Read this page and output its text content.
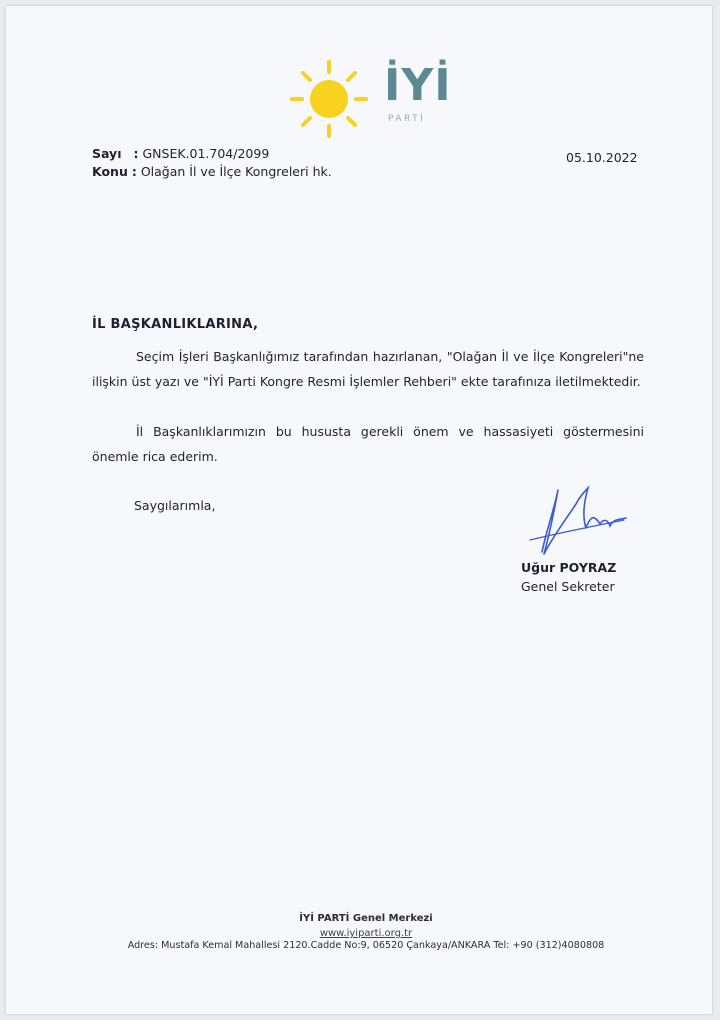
İYİ
PARTİ
Sayı : GNSEK.01.704/2099
Konu : Olağan İl ve İlçe Kongreleri hk.
05.10.2022
İL BAŞKANLIKLARINA,
Seçim İşleri Başkanlığımız tarafından hazırlanan, "Olağan İl ve İlçe Kongreleri"ne ilişkin üst yazı ve "İYİ Parti Kongre Resmi İşlemler Rehberi" ekte tarafınıza iletilmektedir.
İl Başkanlıklarımızın bu hususta gerekli önem ve hassasiyeti göstermesini önemle rica ederim.
Saygılarımla,
Uğur POYRAZ
Genel Sekreter
İYİ PARTİ Genel Merkezi
www.iyiparti.org.tr
Adres: Mustafa Kemal Mahallesi 2120.Cadde No:9, 06520 Çankaya/ANKARA Tel: +90 (312)4080808
